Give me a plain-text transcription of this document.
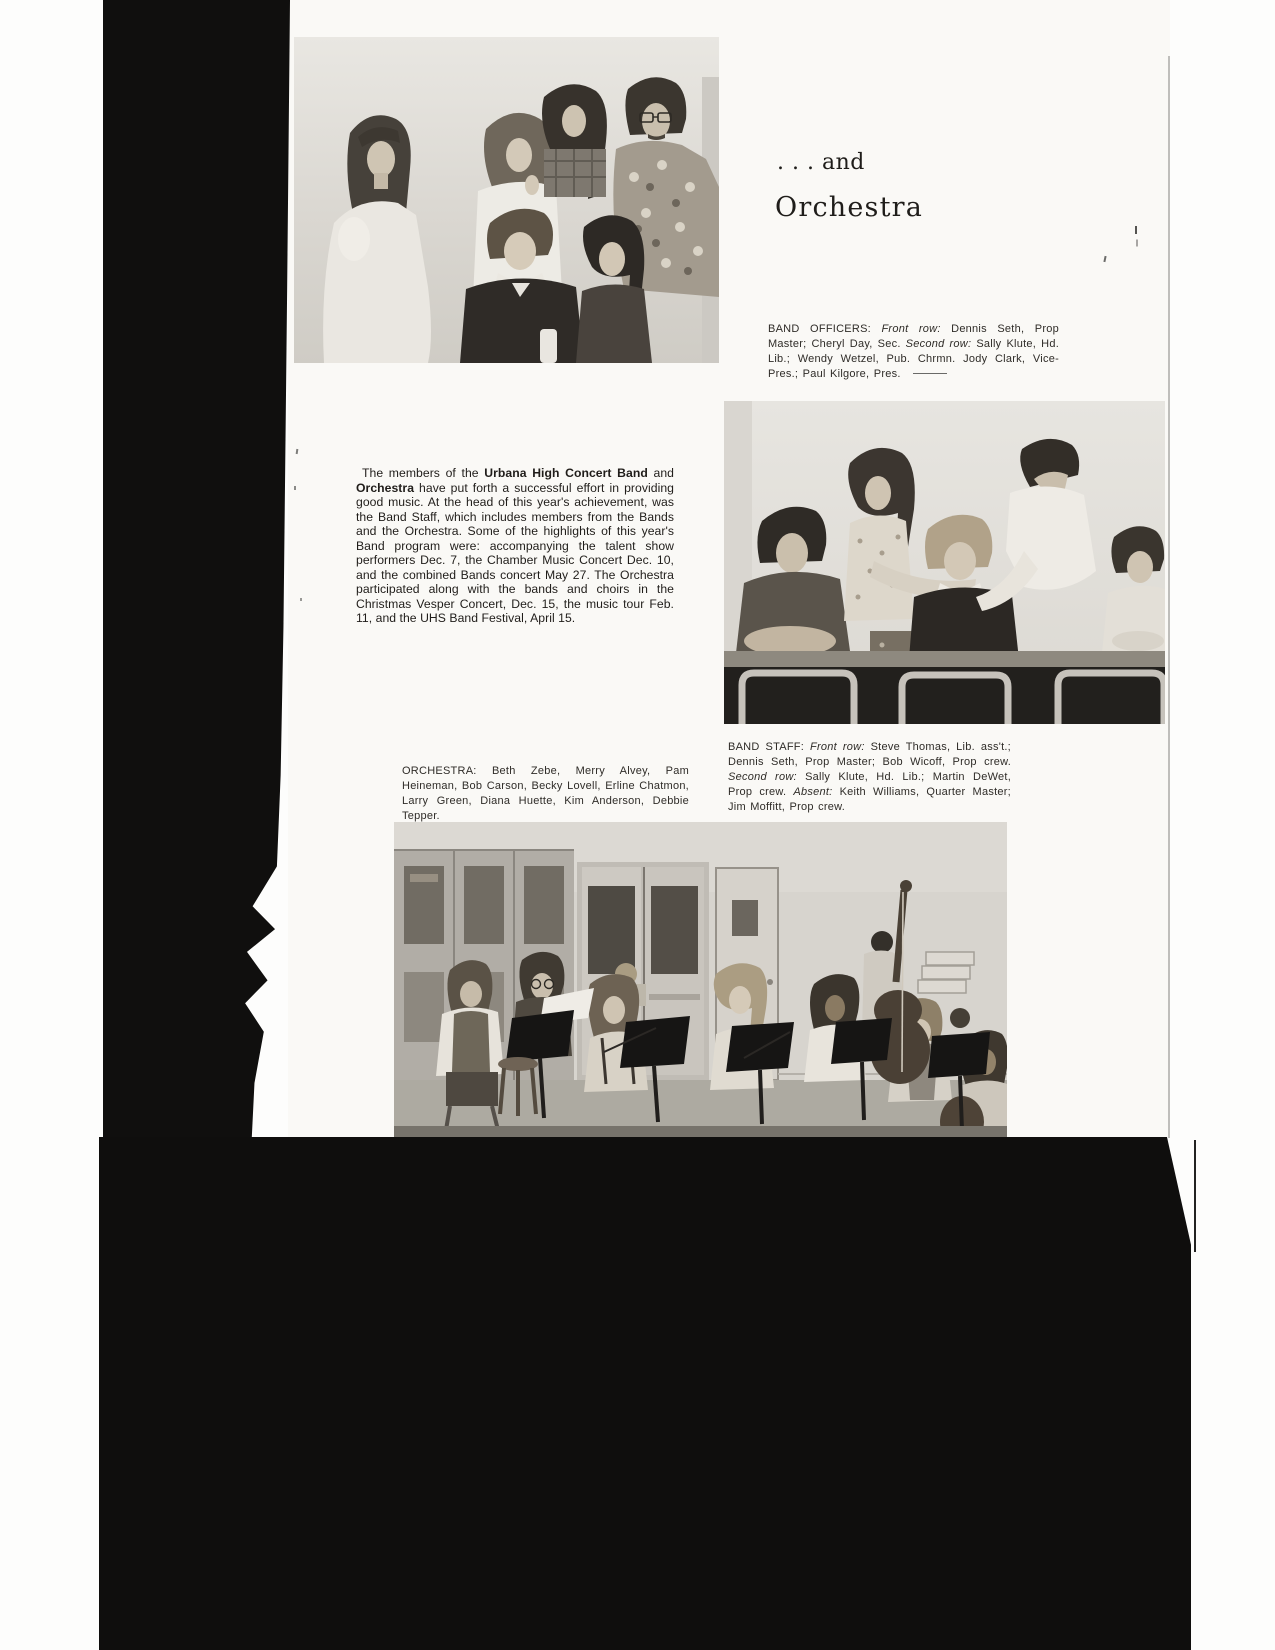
. . . and
Orchestra

BAND OFFICERS: Front row: Dennis Seth, Prop Master; Cheryl Day, Sec. Second row: Sally Klute, Hd. Lib.; Wendy Wetzel, Pub. Chrmn. Jody Clark, Vice-Pres.; Paul Kilgore, Pres.

The members of the Urbana High Concert Band and Orchestra have put forth a successful effort in providing good music. At the head of this year's achievement, was the Band Staff, which includes members from the Bands and the Orchestra. Some of the highlights of this year's Band program were: accompanying the talent show performers Dec. 7, the Chamber Music Concert Dec. 10, and the combined Bands concert May 27. The Orchestra participated along with the bands and choirs in the Christmas Vesper Concert, Dec. 15, the music tour Feb. 11, and the UHS Band Festival, April 15.

BAND STAFF: Front row: Steve Thomas, Lib. ass't.; Dennis Seth, Prop Master; Bob Wicoff, Prop crew. Second row: Sally Klute, Hd. Lib.; Martin DeWet, Prop crew. Absent: Keith Williams, Quarter Master; Jim Moffitt, Prop crew.

ORCHESTRA: Beth Zebe, Merry Alvey, Pam Heineman, Bob Carson, Becky Lovell, Erline Chatmon, Larry Green, Diana Huette, Kim Anderson, Debbie Tepper.
